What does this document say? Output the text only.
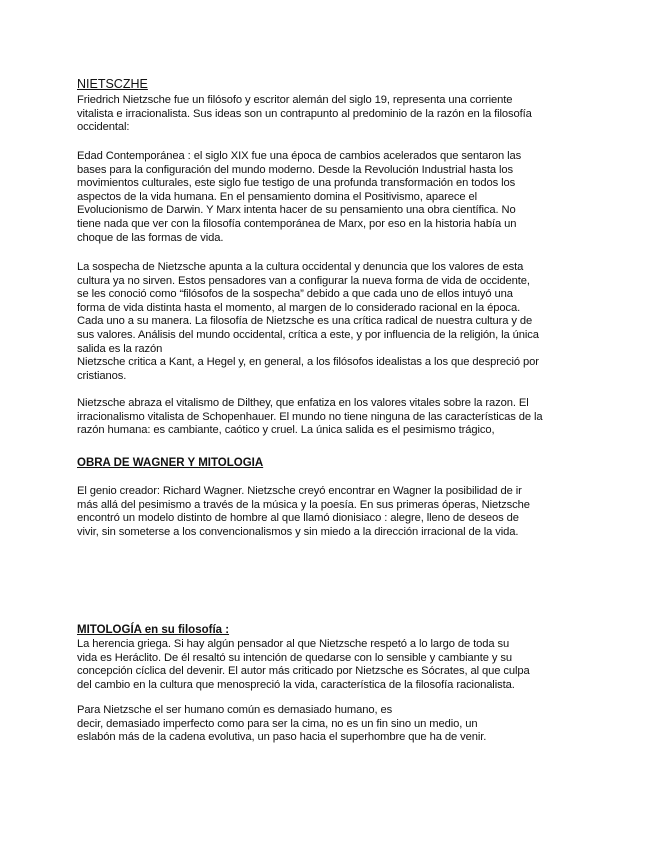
NIETSCZHE
Friedrich Nietzsche fue un filósofo y escritor alemán del siglo 19, representa una corriente
vitalista e irracionalista. Sus ideas son un contrapunto al predominio de la razón en la filosofía
occidental:
Edad Contemporánea : el siglo XIX fue una época de cambios acelerados que sentaron las
bases para la configuración del mundo moderno. Desde la Revolución Industrial hasta los
movimientos culturales, este siglo fue testigo de una profunda transformación en todos los
aspectos de la vida humana. En el pensamiento domina el Positivismo, aparece el
Evolucionismo de Darwin. Y Marx intenta hacer de su pensamiento una obra científica. No
tiene nada que ver con la filosofía contemporánea de Marx, por eso en la historia había un
choque de las formas de vida.
La sospecha de Nietzsche apunta a la cultura occidental y denuncia que los valores de esta
cultura ya no sirven. Estos pensadores van a configurar la nueva forma de vida de occidente,
se les conoció como “filósofos de la sospecha” debido a que cada uno de ellos intuyó una
forma de vida distinta hasta el momento, al margen de lo considerado racional en la época.
Cada uno a su manera. La filosofía de Nietzsche es una crítica radical de nuestra cultura y de
sus valores. Análisis del mundo occidental, crítica a este, y por influencia de la religión, la única
salida es la razón
Nietzsche critica a Kant, a Hegel y, en general, a los filósofos idealistas a los que despreció por
cristianos.
Nietzsche abraza el vitalismo de Dilthey, que enfatiza en los valores vitales sobre la razon. El
irracionalismo vitalista de Schopenhauer. El mundo no tiene ninguna de las características de la
razón humana: es cambiante, caótico y cruel. La única salida es el pesimismo trágico,
OBRA DE WAGNER Y MITOLOGIA
El genio creador: Richard Wagner. Nietzsche creyó encontrar en Wagner la posibilidad de ir
más allá del pesimismo a través de la música y la poesía. En sus primeras óperas, Nietzsche
encontró un modelo distinto de hombre al que llamó dionisiaco : alegre, lleno de deseos de
vivir, sin someterse a los convencionalismos y sin miedo a la dirección irracional de la vida.
MITOLOGÍA en su filosofía :
La herencia griega. Si hay algún pensador al que Nietzsche respetó a lo largo de toda su
vida es Heráclito. De él resaltó su intención de quedarse con lo sensible y cambiante y su
concepción cíclica del devenir. El autor más criticado por Nietzsche es Sócrates, al que culpa
del cambio en la cultura que menospreció la vida, característica de la filosofía racionalista.
Para Nietzsche el ser humano común es demasiado humano, es
decir, demasiado imperfecto como para ser la cima, no es un fin sino un medio, un
eslabón más de la cadena evolutiva, un paso hacia el superhombre que ha de venir.
